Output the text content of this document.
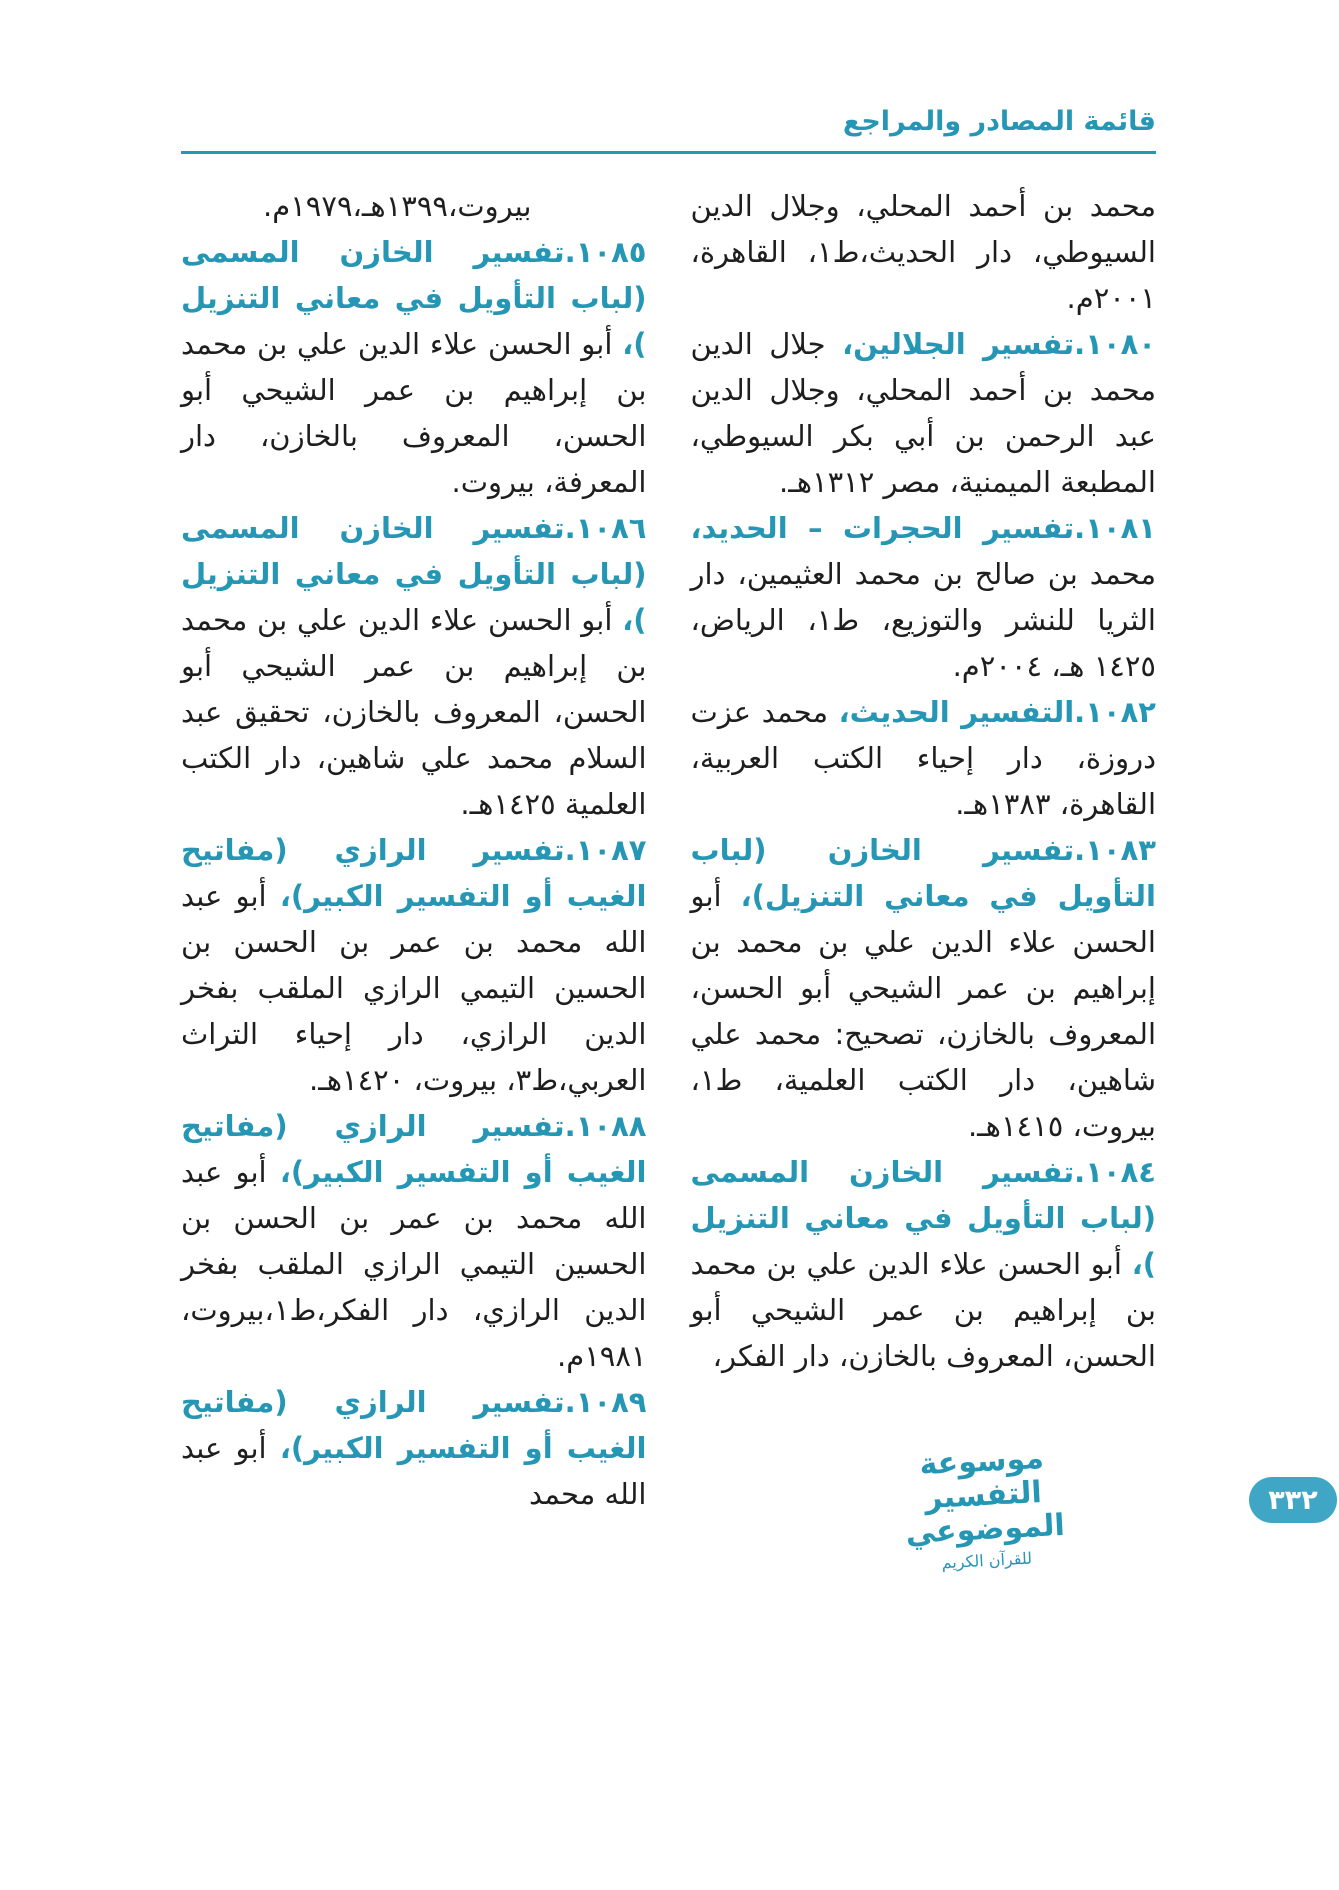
قائمة المصادر والمراجع

محمد بن أحمد المحلي، وجلال الدين السيوطي، دار الحديث،ط١، القاهرة، ٢٠٠١م.

١٠٨٠.تفسير الجلالين، جلال الدين محمد بن أحمد المحلي، وجلال الدين عبد الرحمن بن أبي بكر السيوطي، المطبعة الميمنية، مصر ١٣١٢هـ.

١٠٨١.تفسير الحجرات – الحديد، محمد بن صالح بن محمد العثيمين، دار الثريا للنشر والتوزيع، ط١، الرياض، ١٤٢٥ هـ، ٢٠٠٤م.

١٠٨٢.التفسير الحديث، محمد عزت دروزة، دار إحياء الكتب العربية، القاهرة، ١٣٨٣هـ.

١٠٨٣.تفسير الخازن (لباب التأويل في معاني التنزيل)، أبو الحسن علاء الدين علي بن محمد بن إبراهيم بن عمر الشيحي أبو الحسن، المعروف بالخازن، تصحيح: محمد علي شاهين، دار الكتب العلمية، ط١، بيروت، ١٤١٥هـ.

١٠٨٤.تفسير الخازن المسمى (لباب التأويل في معاني التنزيل )، أبو الحسن علاء الدين علي بن محمد بن إبراهيم بن عمر الشيحي أبو الحسن، المعروف بالخازن، دار الفكر،

بيروت،١٣٩٩هـ،١٩٧٩م.

١٠٨٥.تفسير الخازن المسمى (لباب التأويل في معاني التنزيل )، أبو الحسن علاء الدين علي بن محمد بن إبراهيم بن عمر الشيحي أبو الحسن، المعروف بالخازن، دار المعرفة، بيروت.

١٠٨٦.تفسير الخازن المسمى (لباب التأويل في معاني التنزيل )، أبو الحسن علاء الدين علي بن محمد بن إبراهيم بن عمر الشيحي أبو الحسن، المعروف بالخازن، تحقيق عبد السلام محمد علي شاهين، دار الكتب العلمية ١٤٢٥هـ.

١٠٨٧.تفسير الرازي (مفاتيح الغيب أو التفسير الكبير)، أبو عبد الله محمد بن عمر بن الحسن بن الحسين التيمي الرازي الملقب بفخر الدين الرازي، دار إحياء التراث العربي،ط٣، بيروت، ١٤٢٠هـ.

١٠٨٨.تفسير الرازي (مفاتيح الغيب أو التفسير الكبير)، أبو عبد الله محمد بن عمر بن الحسن بن الحسين التيمي الرازي الملقب بفخر الدين الرازي، دار الفكر،ط١،بيروت، ١٩٨١م.

١٠٨٩.تفسير الرازي (مفاتيح الغيب أو التفسير الكبير)، أبو عبد الله محمد

موسوعة التفسير الموضوعي
للقرآن الكريم
٣٣٢
